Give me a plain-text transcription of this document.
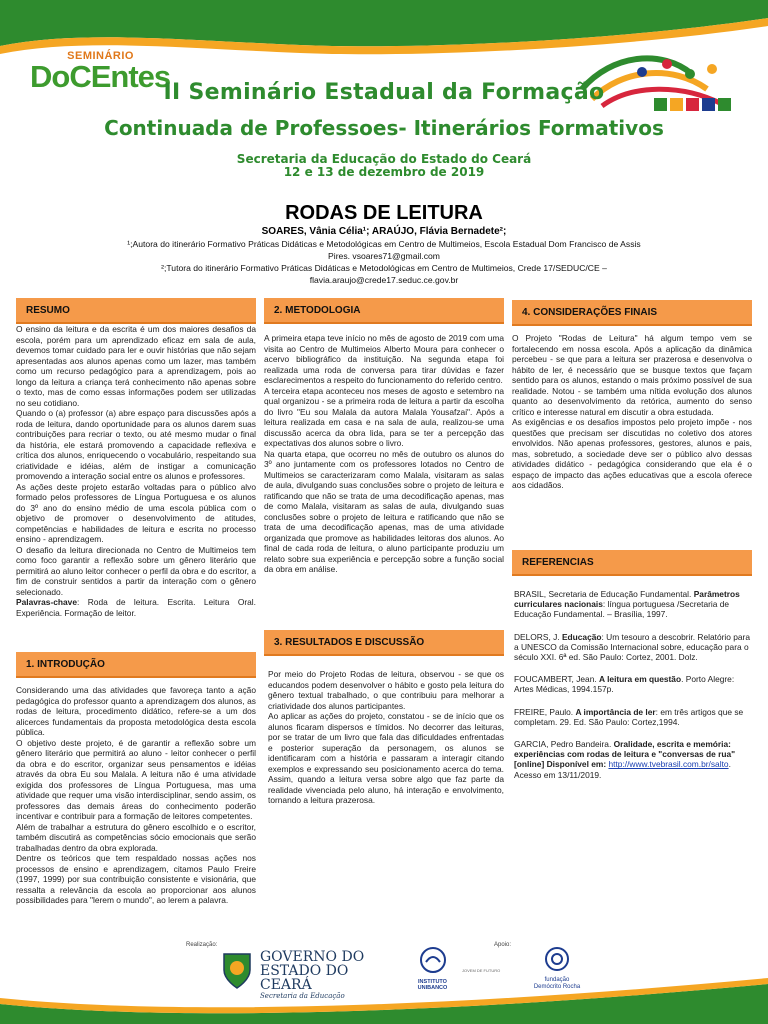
SEMINÁRIO
DoCEntes
II Seminário Estadual da Formação
Continuada de Professoes- Itinerários Formativos
Secretaria da Educação do Estado do Ceará
12 e 13 de dezembro de 2019
RODAS DE LEITURA
SOARES, Vânia Célia¹; ARAÚJO, Flávia Bernadete²;
¹;Autora do itinerário Formativo Práticas Didáticas e Metodológicas em Centro de Multimeios, Escola Estadual Dom Francisco de Assis
Pires. vsoares71@gmail.com
²;Tutora do itinerário Formativo Práticas Didáticas e Metodológicas em Centro de Multimeios, Crede 17/SEDUC/CE –
flavia.araujo@crede17.seduc.ce.gov.br
RESUMO

O ensino da leitura e da escrita é um dos maiores desafios da escola, porém para um aprendizado eficaz em sala de aula, devemos tomar cuidado para ler e ouvir histórias que não sejam apresentadas aos alunos apenas como um lazer, mas também como um recurso pedagógico para a aprendizagem, pois ao longo da leitura a criança terá conhecimento não apenas sobre o texto, mas de como essas informações podem ser utilizadas no seu cotidiano.

Quando o (a) professor (a) abre espaço para discussões após a roda de leitura, dando oportunidade para os alunos darem suas contribuições para recriar o texto, ou até mesmo mudar o final da história, ele estará promovendo a capacidade reflexiva e crítica dos alunos, enriquecendo o vocabulário, respeitando sua criatividade e idéias, além de instigar a comunicação promovendo a interação social entre os alunos e professores.

As ações deste projeto estarão voltadas para o público alvo formado pelos professores de Língua Portuguesa e os alunos do 3º ano do ensino médio de uma escola pública com o objetivo de promover o desenvolvimento de atitudes, competências e habilidades de leitura e escrita no processo ensino - aprendizagem.

O desafio da leitura direcionada no Centro de Multimeios tem como foco garantir a reflexão sobre um gênero literário que permitirá ao aluno leitor conhecer o perfil da obra e do escritor, a fim de construir sentidos a partir da interação com o gênero selecionado.

Palavras-chave: Roda de leitura. Escrita. Leitura Oral. Experiência. Formação de leitor.

1. INTRODUÇÃO

Considerando uma das atividades que favoreça tanto a ação pedagógica do professor quanto a aprendizagem dos alunos, as rodas de leitura, procedimento didático, refere-se a um dos alicerces fundamentais da proposta metodológica desta escola pública.

O objetivo deste projeto, é de garantir a reflexão sobre um gênero literário que permitirá ao aluno - leitor conhecer o perfil da obra e do escritor, organizar seus pensamentos e idéias através da obra Eu sou Malala. A leitura não é uma atividade exigida dos professores de Língua Portuguesa, mas uma atividade que requer uma visão interdisciplinar, sendo assim, os professores das demais áreas do conhecimento poderão incentivar e contribuir para a formação de leitores competentes.

Além de trabalhar a estrutura do gênero escolhido e o escritor, também discutirá as competências sócio emocionais que serão trabalhadas dentro da obra explorada.

Dentre os teóricos que tem respaldado nossas ações nos processos de ensino e aprendizagem, citamos Paulo Freire (1997, 1999) por sua contribuição consistente e visionária, que ressalta a relevância da escola ao proporcionar aos alunos possibilidades para "lerem o mundo", ao lerem a palavra.

2. METODOLOGIA

A primeira etapa teve início no mês de agosto de 2019 com uma visita ao Centro de Multimeios Alberto Moura para conhecer o acervo bibliográfico da instituição. Na segunda etapa foi realizada uma roda de conversa para tirar dúvidas e fazer esclarecimentos a respeito do funcionamento do referido centro.

A terceira etapa aconteceu nos meses de agosto e setembro na qual organizou - se a primeira roda de leitura a partir da escolha do livro "Eu sou Malala da autora Malala Yousafzai". Após a leitura realizada em casa e na sala de aula, realizou-se uma discussão acerca da obra lida, para se ter a percepção das expectativas dos alunos sobre o livro.

Na quarta etapa, que ocorreu no mês de outubro os alunos do 3º ano juntamente com os professores lotados no Centro de Multimeios se caracterizaram como Malala, visitaram as salas de aula, divulgando suas conclusões sobre o projeto de leitura e ratificando que não se trata de uma decodificação apenas, mas de como Malala, visitaram as salas de aula, divulgando suas conclusões sobre o projeto de leitura e ratificando que não se trata de uma decodificação apenas, mas de uma atividade organizada que promove as habilidades leitoras dos alunos. Ao final de cada roda de leitura, o aluno participante produziu um relato sobre sua experiência e percepção sobre a função social da obra em análise.

3. RESULTADOS E DISCUSSÃO

Por meio do Projeto Rodas de leitura, observou - se que os educandos podem desenvolver o hábito e gosto pela leitura do gênero textual trabalhado, o que contribuiu para melhorar a criatividade dos alunos participantes.

Ao aplicar as ações do projeto, constatou - se de início que os alunos ficaram dispersos e tímidos. No decorrer das leituras, por se tratar de um livro que fala das dificuldades enfrentadas e posterior superação da personagem, os alunos se identificaram com a história e passaram a interagir citando exemplos e expressando seu posicionamento acerca do tema. Assim, quando a leitura versa sobre algo que faz parte da realidade vivenciada pelo aluno, há interação e envolvimento, tornando a leitura prazerosa.

4. CONSIDERAÇÕES FINAIS

O Projeto "Rodas de Leitura" há algum tempo vem se fortalecendo em nossa escola. Após a aplicação da dinâmica percebeu - se que para a leitura ser prazerosa e desenvolva o hábito de ler, é necessário que se busque textos que façam sentido para os alunos, estando o mais próximo possível de sua realidade. Notou - se também uma nítida evolução dos alunos quanto ao desenvolvimento da retórica, aumento do senso crítico e interesse natural em discutir a obra estudada.

As exigências e os desafios impostos pelo projeto impõe - nos questões que precisam ser discutidas no coletivo dos atores envolvidos. Não apenas professores, gestores, alunos e pais, mas, sobretudo, a sociedade deve ser o público alvo dessas atividades didático - pedagógica considerando que ela é o espaço de impacto das ações educativas que a escola oferece aos cidadãos.

REFERENCIAS

BRASIL, Secretaria de Educação Fundamental. Parâmetros curriculares nacionais: língua portuguesa /Secretaria de Educação Fundamental. – Brasília, 1997.

DELORS, J. Educação: Um tesouro a descobrir. Relatório para a UNESCO da Comissão Internacional sobre, educação para o século XXI. 6ª ed. São Paulo: Cortez, 2001. Dolz.

FOUCAMBERT, Jean. A leitura em questão. Porto Alegre: Artes Médicas, 1994.157p.

FREIRE, Paulo. A importância de ler: em três artigos que se completam. 29. Ed. São Paulo: Cortez,1994.

GARCIA, Pedro Bandeira. Oralidade, escrita e memória: experiências com rodas de leitura e "conversas de rua" [online] Disponível em: http://www.tvebrasil.com.br/salto. Acesso em 13/11/2019.

Realização:	Apoio:
GOVERNO DO
ESTADO DO CEARÁ
Secretaria da Educação
INSTITUTO
UNIBANCO
JOVEM DE FUTURO
fundação
Demócrito Rocha
